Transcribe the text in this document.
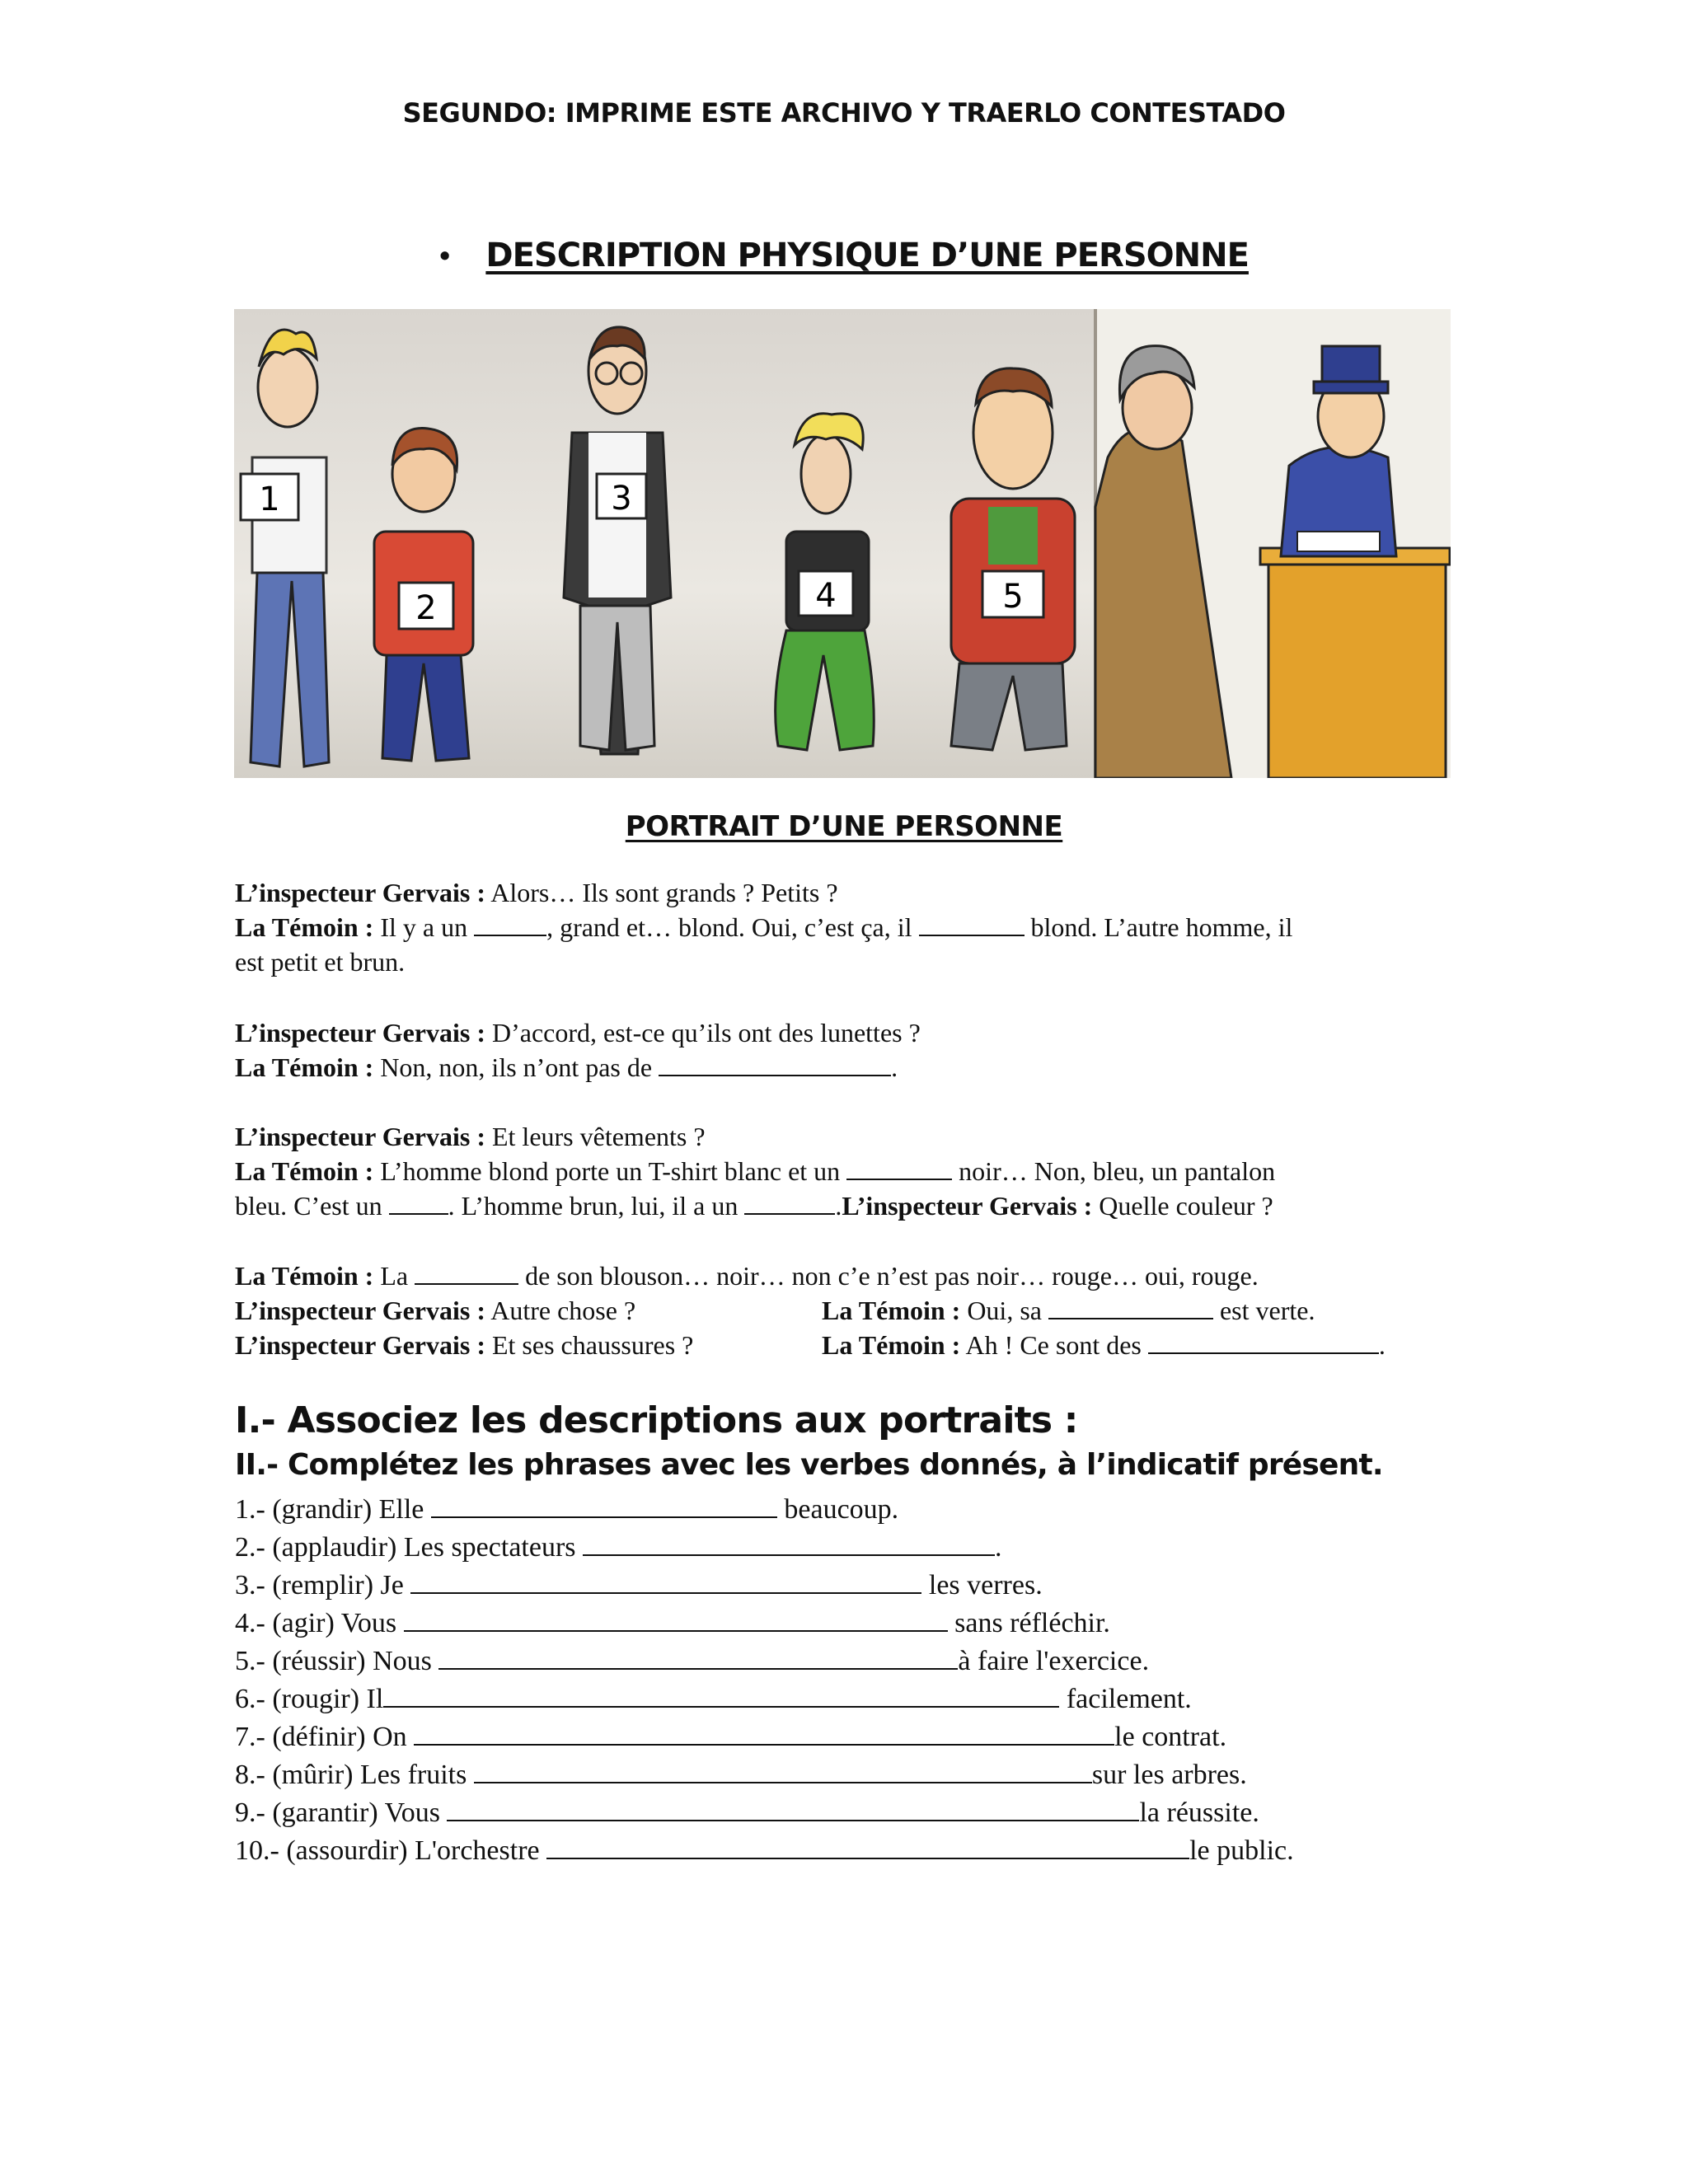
SEGUNDO: IMPRIME ESTE ARCHIVO Y TRAERLO CONTESTADO
• DESCRIPTION PHYSIQUE D’UNE PERSONNE
1
2
3
4	5
PORTRAIT D’UNE PERSONNE
L’inspecteur Gervais : Alors… Ils sont grands ? Petits ?
La Témoin : Il y a un	, grand et… blond. Oui, c’est ça, il	blond. L’autre homme, il
est petit et brun.
L’inspecteur Gervais : D’accord, est-ce qu’ils ont des lunettes ?
La Témoin : Non, non, ils n’ont pas de	.
L’inspecteur Gervais : Et leurs vêtements ?
La Témoin : L’homme blond porte un T-shirt blanc et un	noir… Non, bleu, un pantalon
bleu. C’est un . L’homme brun, lui, il a un	.L’inspecteur Gervais : Quelle couleur ?
La Témoin : La	de son blouson… noir… non c’e n’est pas noir… rouge… oui, rouge.
L’inspecteur Gervais : Autre chose ?	La Témoin : Oui, sa	est verte.
L’inspecteur Gervais : Et ses chaussures ?	La Témoin : Ah ! Ce sont des	.
I.- Associez les descriptions aux portraits :
II.- Complétez les phrases avec les verbes donnés, à l’indicatif présent.
1.- (grandir) Elle	beaucoup.
2.- (applaudir) Les spectateurs	.
3.- (remplir) Je	les verres.
4.- (agir) Vous	sans réfléchir.
5.- (réussir) Nous	à faire l'exercice.
6.- (rougir) Il	facilement.
7.- (définir) On	le contrat.
8.- (mûrir) Les fruits	sur les arbres.
9.- (garantir) Vous	la réussite.
10.- (assourdir) L'orchestre	le public.
